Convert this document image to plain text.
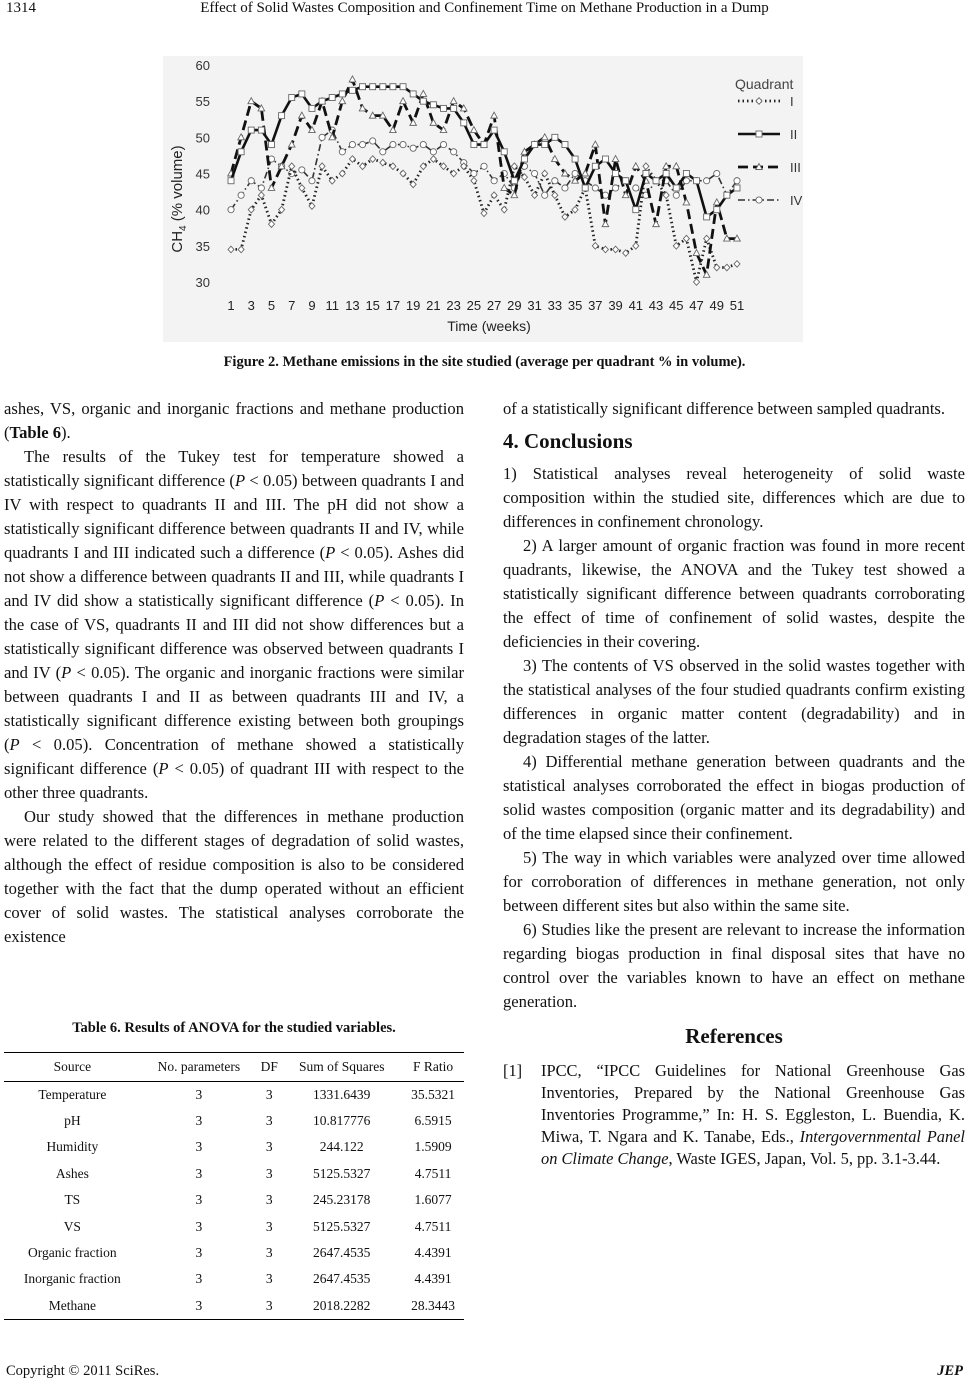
1314	Effect of Solid Wastes Composition and Confinement Time on Methane Production in a Dump
30
35
40
45
50
55
60
1 3 5 7 9 11 13 15 17 19 21 23 25 27 29 31 33 35 37 39 41 43 45 47 49 51
$CH_4$ (% volume)
Time (weeks)
Quadrant
I
II
III
IV
Figure 2. Methane emissions in the site studied (average per quadrant % in volume).

ashes, VS, organic and inorganic fractions and methane production (Table 6).

The results of the Tukey test for temperature showed a statistically significant difference (P < 0.05) between quadrants I and IV with respect to quadrants II and III. The pH did not show a statistically significant difference between quadrants II and IV, while quadrants I and III indicated such a difference (P < 0.05). Ashes did not show a difference between quadrants II and III, while quadrants I and IV did show a statistically significant difference (P < 0.05). In the case of VS, quadrants II and III did not show differences but a statistically significant difference was observed between quadrants I and IV (P < 0.05). The organic and inorganic fractions were similar between quadrants I and II as between quadrants III and IV, a statistically significant difference existing between both groupings (P < 0.05). Concentration of methane showed a statistically significant difference (P < 0.05) of quadrant III with respect to the other three quadrants.

Our study showed that the differences in methane production were related to the different stages of degradation of solid wastes, although the effect of residue composition is also to be considered together with the fact that the dump operated without an efficient cover of solid wastes. The statistical analyses corroborate the existence

Table 6. Results of ANOVA for the studied variables.
Source	No. parameters	DF	Sum of Squares	F Ratio
Temperature	3	3	1331.6439	35.5321
pH	3	3	10.817776	6.5915
Humidity	3	3	244.122	1.5909
Ashes	3	3	5125.5327	4.7511
TS	3	3	245.23178	1.6077
VS	3	3	5125.5327	4.7511
Organic fraction	3	3	2647.4535	4.4391
Inorganic fraction	3	3	2647.4535	4.4391
Methane	3	3	2018.2282	28.3443

of a statistically significant difference between sampled quadrants.

4. Conclusions

1) Statistical analyses reveal heterogeneity of solid waste composition within the studied site, differences which are due to differences in confinement chronology.

2) A larger amount of organic fraction was found in more recent quadrants, likewise, the ANOVA and the Tukey test showed a statistically significant difference between quadrants corroborating the effect of time of confinement of solid wastes, despite the deficiencies in their covering.

3) The contents of VS observed in the solid wastes together with the statistical analyses of the four studied quadrants confirm existing differences in organic matter content (degradability) and in degradation stages of the latter.

4) Differential methane generation between quadrants and the statistical analyses corroborated the effect in biogas production of solid wastes composition (organic matter and its degradability) and of the time elapsed since their confinement.

5) The way in which variables were analyzed over time allowed for corroboration of differences in methane generation, not only between different sites but also within the same site.

6) Studies like the present are relevant to increase the information regarding biogas production in final disposal sites that have no control over the variables known to have an effect on methane generation.

References
[1]	IPCC, “IPCC Guidelines for National Greenhouse Gas Inventories, Prepared by the National Greenhouse Gas Inventories Programme,” In: H. S. Eggleston, L. Buendia, K. Miwa, T. Ngara and K. Tanabe, Eds., Intergovernmental Panel on Climate Change, Waste IGES, Japan, Vol. 5, pp. 3.1-3.44.
Copyright © 2011 SciRes.	JEP
